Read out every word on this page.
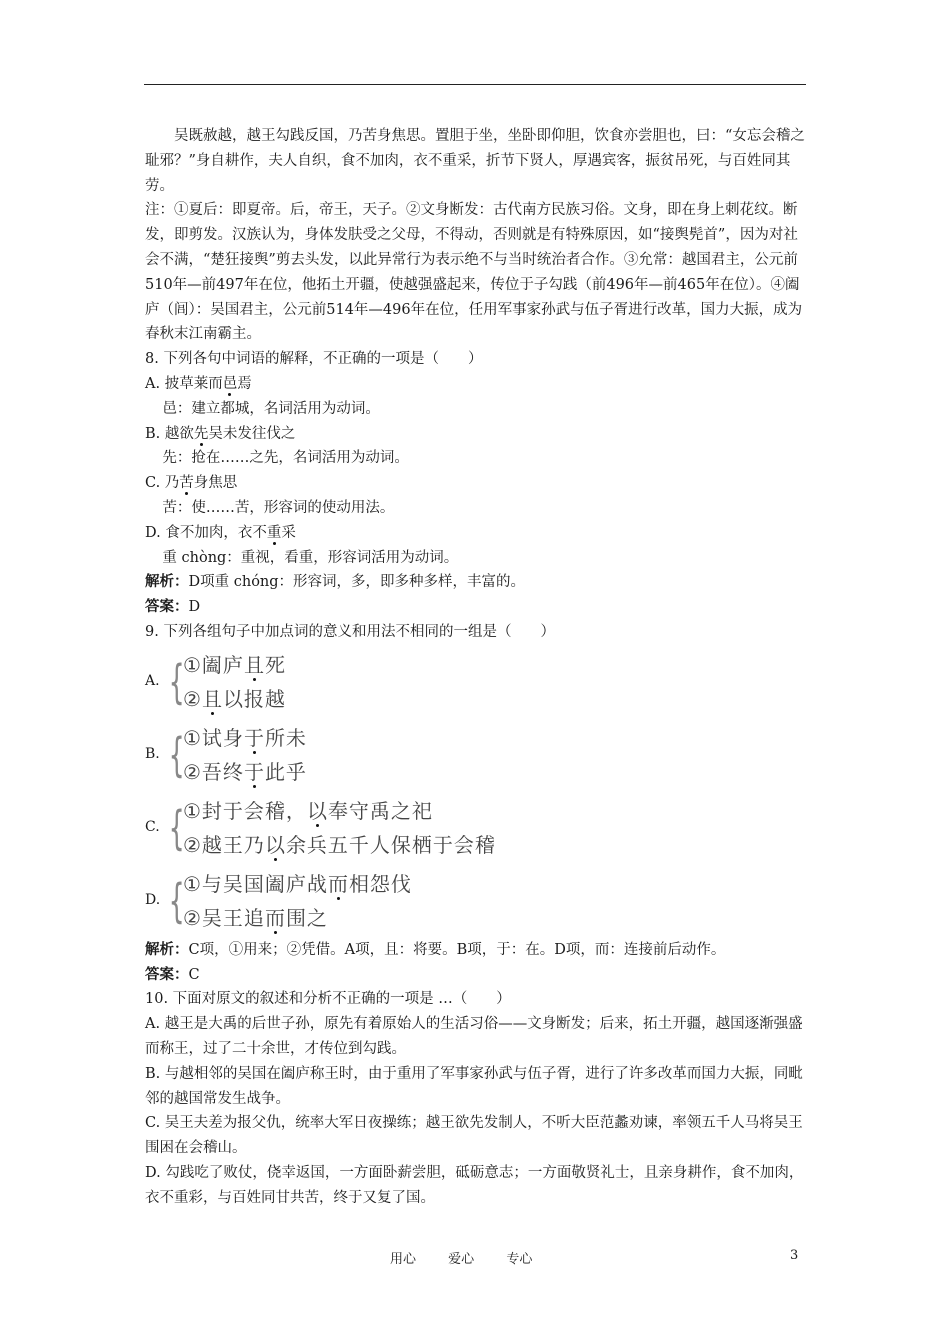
吴既赦越，越王勾践反国，乃苦身焦思。置胆于坐，坐卧即仰胆，饮食亦尝胆也，曰：“女忘会稽之耻邪？”身自耕作，夫人自织，食不加肉，衣不重采，折节下贤人，厚遇宾客，振贫吊死，与百姓同其劳。

注：①夏后：即夏帝。后，帝王，天子。②文身断发：古代南方民族习俗。文身，即在身上刺花纹。断发，即剪发。汉族认为，身体发肤受之父母，不得动，否则就是有特殊原因，如“接舆髡首”，因为对社会不满，“楚狂接舆”剪去头发，以此异常行为表示绝不与当时统治者合作。③允常：越国君主，公元前510年—前497年在位，他拓土开疆，使越强盛起来，传位于子勾践（前496年—前465年在位）。④阖庐（闾）：吴国君主，公元前514年—496年在位，任用军事家孙武与伍子胥进行改革，国力大振，成为春秋末江南霸主。

8. 下列各句中词语的解释，不正确的一项是（　　）

A. 披草莱而邑焉

邑：建立都城，名词活用为动词。

B. 越欲先吴未发往伐之

先：抢在……之先，名词活用为动词。

C. 乃苦身焦思

苦：使……苦，形容词的使动用法。

D. 食不加肉，衣不重采

重 chòng：重视，看重，形容词活用为动词。

解析：D项重 chóng：形容词，多，即多种多样，丰富的。

答案：D

9. 下列各组句子中加点词的意义和用法不相同的一组是（　　）

A. {
①阖庐且死
②且以报越
B. {
①试身于所未
②吾终于此乎
C. {
①封于会稽，以奉守禹之祀
②越王乃以余兵五千人保栖于会稽
D. {
①与吴国阖庐战而相怨伐
②吴王追而围之

解析：C项，①用来；②凭借。A项，且：将要。B项，于：在。D项，而：连接前后动作。

答案：C

10. 下面对原文的叙述和分析不正确的一项是 …（　　）

A. 越王是大禹的后世子孙，原先有着原始人的生活习俗——文身断发；后来，拓土开疆，越国逐渐强盛而称王，过了二十余世，才传位到勾践。

B. 与越相邻的吴国在阖庐称王时，由于重用了军事家孙武与伍子胥，进行了许多改革而国力大振，同毗邻的越国常发生战争。

C. 吴王夫差为报父仇，统率大军日夜操练；越王欲先发制人，不听大臣范蠡劝谏，率领五千人马将吴王围困在会稽山。

D. 勾践吃了败仗，侥幸返国，一方面卧薪尝胆，砥砺意志；一方面敬贤礼士，且亲身耕作，食不加肉，衣不重彩，与百姓同甘共苦，终于又复了国。

用心 爱心 专心	3
